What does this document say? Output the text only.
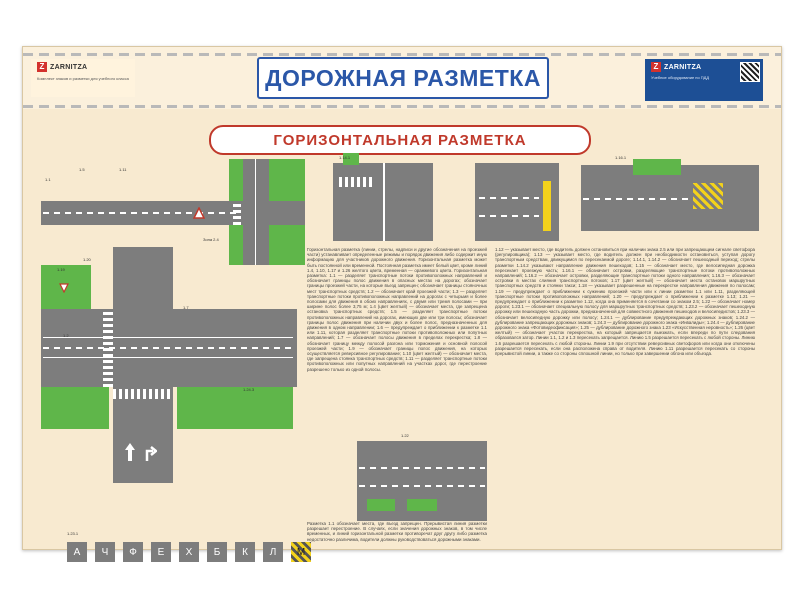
Z ZARNITZA
Комплект знаков и разметки для учебного класса	ДОРОЖНАЯ РАЗМЕТКА	Z ZARNITZA
Учебное оборудование по ПДД
ГОРИЗОНТАЛЬНАЯ РАЗМЕТКА
1.1
1.5	1.11
Зона 2.4
1.14.1	1.16.1
1.19
1.20
1.2
1.7
1.24.3
Горизонтальная разметка (линии, стрелы, надписи и другие обозначения на проезжей части) устанавливает определенные режимы и порядок движения либо содержит иную информацию для участников дорожного движения. Горизонтальная разметка может быть постоянной или временной. Постоянная разметка имеет белый цвет, кроме линий 1.4, 1.10, 1.17 и 1.26 желтого цвета, временная — оранжевого цвета. Горизонтальная разметка: 1.1 — разделяет транспортные потоки противоположных направлений и обозначает границы полос движения в опасных местах на дорогах; обозначает границы проезжей части, на которые въезд запрещен; обозначает границы стояночных мест транспортных средств; 1.2 — обозначает край проезжей части; 1.3 — разделяет транспортные потоки противоположных направлений на дорогах с четырьмя и более полосами для движения в обоих направлениях, с двумя или тремя полосами — при ширине полос более 3,75 м; 1.4 (цвет желтый) — обозначает места, где запрещена остановка транспортных средств; 1.5 — разделяет транспортные потоки противоположных направлений на дорогах, имеющих две или три полосы; обозначает границы полос движения при наличии двух и более полос, предназначенных для движения в одном направлении; 1.6 — предупреждает о приближении к разметке 1.1 или 1.11, которая разделяет транспортные потоки противоположных или попутных направлений; 1.7 — обозначает полосы движения в пределах перекрестка; 1.8 — обозначает границу между полосой разгона или торможения и основной полосой проезжей части; 1.9 — обозначает границы полос движения, на которых осуществляется реверсивное регулирование; 1.10 (цвет желтый) — обозначает места, где запрещена стоянка транспортных средств; 1.11 — разделяет транспортные потоки противоположных или попутных направлений на участках дорог, где перестроение разрешено только из одной полосы.
1.12 — указывает место, где водитель должен остановиться при наличии знака 2.5 или при запрещающем сигнале светофора (регулировщика); 1.13 — указывает место, где водитель должен при необходимости остановиться, уступая дорогу транспортным средствам, движущимся по пересекаемой дороге; 1.14.1, 1.14.2 — обозначает пешеходный переход; стрелы разметки 1.14.2 указывают направление движения пешеходов; 1.15 — обозначает место, где велосипедная дорожка пересекает проезжую часть; 1.16.1 — обозначает островки, разделяющие транспортные потоки противоположных направлений; 1.16.2 — обозначает островки, разделяющие транспортные потоки одного направления; 1.16.3 — обозначает островки в местах слияния транспортных потоков; 1.17 (цвет желтый) — обозначает места остановок маршрутных транспортных средств и стоянки такси; 1.18 — указывает разрешенные на перекрестке направления движения по полосам; 1.19 — предупреждает о приближении к сужению проезжей части или к линии разметки 1.1 или 1.11, разделяющей транспортные потоки противоположных направлений; 1.20 — предупреждает о приближении к разметке 1.13; 1.21 — предупреждает о приближении к разметке 1.12, когда она применяется в сочетании со знаком 2.5; 1.22 — обозначает номер дороги; 1.23.1 — обозначает специальную полосу для маршрутных транспортных средств; 1.23.2 — обозначает пешеходную дорожку или пешеходную часть дорожки, предназначенной для совместного движения пешеходов и велосипедистов; 1.23.3 — обозначает велосипедную дорожку или полосу; 1.24.1 — дублирование предупреждающих дорожных знаков; 1.24.2 — дублирование запрещающих дорожных знаков; 1.24.3 — дублирование дорожного знака «Инвалиды»; 1.24.4 — дублирование дорожного знака «Фотовидеофиксация»; 1.25 — дублирование дорожного знака 1.23 «Искусственная неровность»; 1.26 (цвет желтый) — обозначает участок перекрестка, на который запрещается выезжать, если впереди по пути следования образовался затор. Линии 1.1, 1.2 и 1.3 пересекать запрещается. Линию 1.5 разрешается пересекать с любой стороны. Линию 1.6 разрешается пересекать с любой стороны. Линии 1.9 при отсутствии реверсивных светофоров или когда они отключены разрешается пересекать, если она расположена справа от водителя. Линию 1.11 разрешается пересекать со стороны прерывистой линии, а также со стороны сплошной линии, но только при завершении обгона или объезда.
1.22
Разметка 1.1 обозначает места, где въезд запрещен. Прерывистая линия разметки разрешает перестроение. В случаях, если значения дорожных знаков, в том числе временных, и линий горизонтальной разметки противоречат друг другу либо разметка недостаточно различима, водители должны руководствоваться дорожными знаками.
A	Ч	Ф	Е	Х	Б	К	Л	М
1.23.1
